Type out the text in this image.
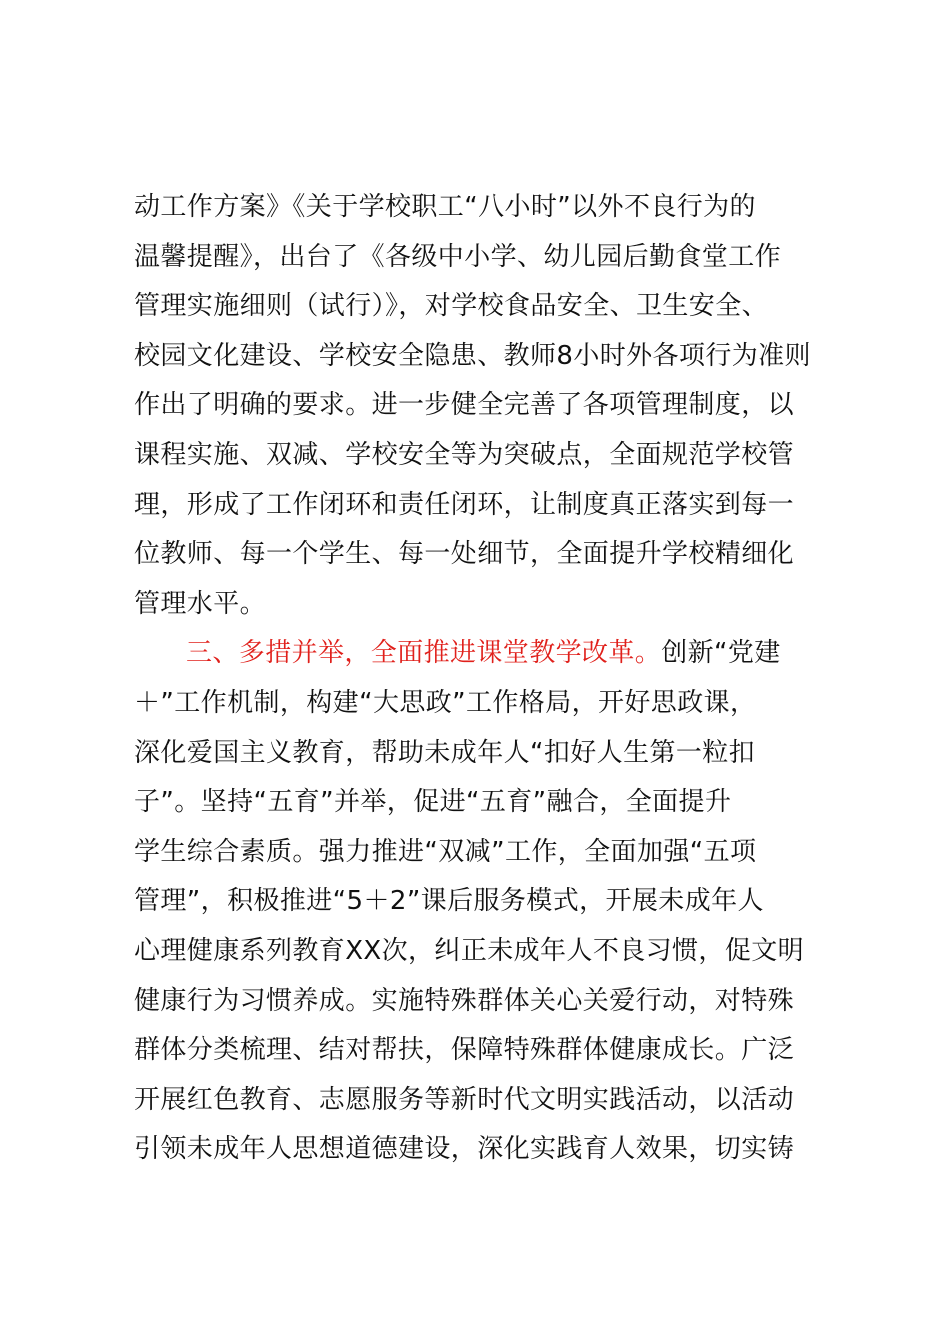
动工作方案》《关于学校职工“八小时”以外不良行为的
温馨提醒》，出台了《各级中小学、幼儿园后勤食堂工作
管理实施细则（试行）》，对学校食品安全、卫生安全、
校园文化建设、学校安全隐患、教师8小时外各项行为准则
作出了明确的要求。进一步健全完善了各项管理制度，以
课程实施、双减、学校安全等为突破点，全面规范学校管
理，形成了工作闭环和责任闭环，让制度真正落实到每一
位教师、每一个学生、每一处细节，全面提升学校精细化
管理水平。
三、多措并举，全面推进课堂教学改革。创新“党建
＋”工作机制，构建“大思政”工作格局，开好思政课，
深化爱国主义教育，帮助未成年人“扣好人生第一粒扣
子”。坚持“五育”并举，促进“五育”融合，全面提升
学生综合素质。强力推进“双减”工作，全面加强“五项
管理”，积极推进“5＋2”课后服务模式，开展未成年人
心理健康系列教育XX次，纠正未成年人不良习惯，促文明
健康行为习惯养成。实施特殊群体关心关爱行动，对特殊
群体分类梳理、结对帮扶，保障特殊群体健康成长。广泛
开展红色教育、志愿服务等新时代文明实践活动，以活动
引领未成年人思想道德建设，深化实践育人效果，切实铸
